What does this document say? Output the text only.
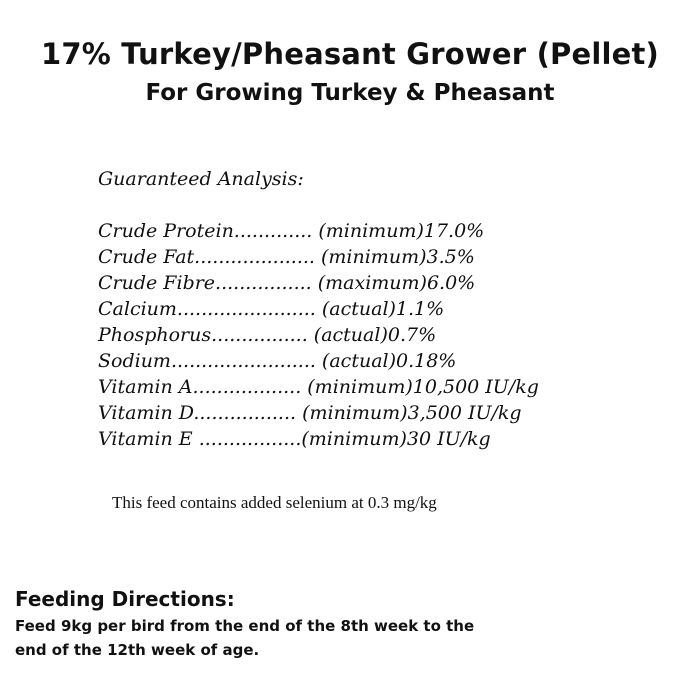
17% Turkey/Pheasant Grower (Pellet)
For Growing Turkey & Pheasant

Guaranteed Analysis:

Crude Protein............. (minimum)17.0%
Crude Fat.................... (minimum)3.5%
Crude Fibre................ (maximum)6.0%
Calcium....................... (actual)1.1%
Phosphorus................ (actual)0.7%
Sodium........................ (actual)0.18%
Vitamin A.................. (minimum)10,500 IU/kg
Vitamin D................. (minimum)3,500 IU/kg
Vitamin E .................(minimum)30 IU/kg

This feed contains added selenium at 0.3 mg/kg

Feeding Directions:

Feed 9kg per bird from the end of the 8th week to the
end of the 12th week of age.
